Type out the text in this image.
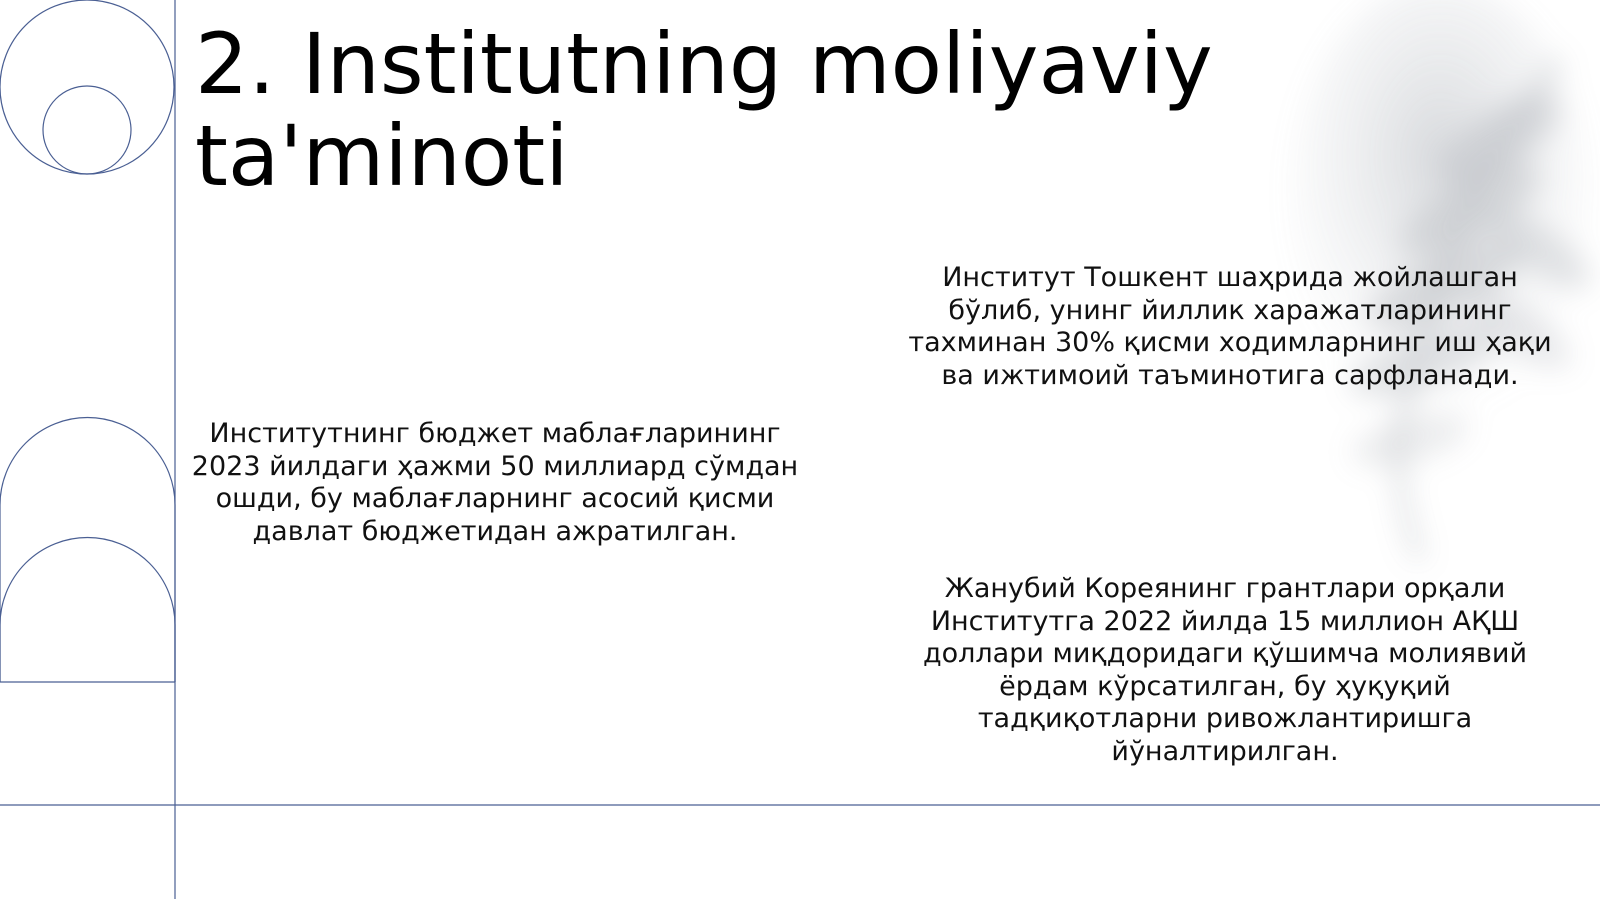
2. Institutning moliyaviy ta'minoti

Институт Тошкент шаҳрида жойлашган бўлиб, унинг йиллик харажатларининг тахминан 30% қисми ходимларнинг иш ҳақи ва ижтимоий таъминотига сарфланади.

Институтнинг бюджет маблағларининг 2023 йилдаги ҳажми 50 миллиард сўмдан ошди, бу маблағларнинг асосий қисми давлат бюджетидан ажратилган.

Жанубий Кореянинг грантлари орқали Институтга 2022 йилда 15 миллион АҚШ доллари миқдоридаги қўшимча молиявий ёрдам кўрсатилган, бу ҳуқуқий тадқиқотларни ривожлантиришга йўналтирилган.
